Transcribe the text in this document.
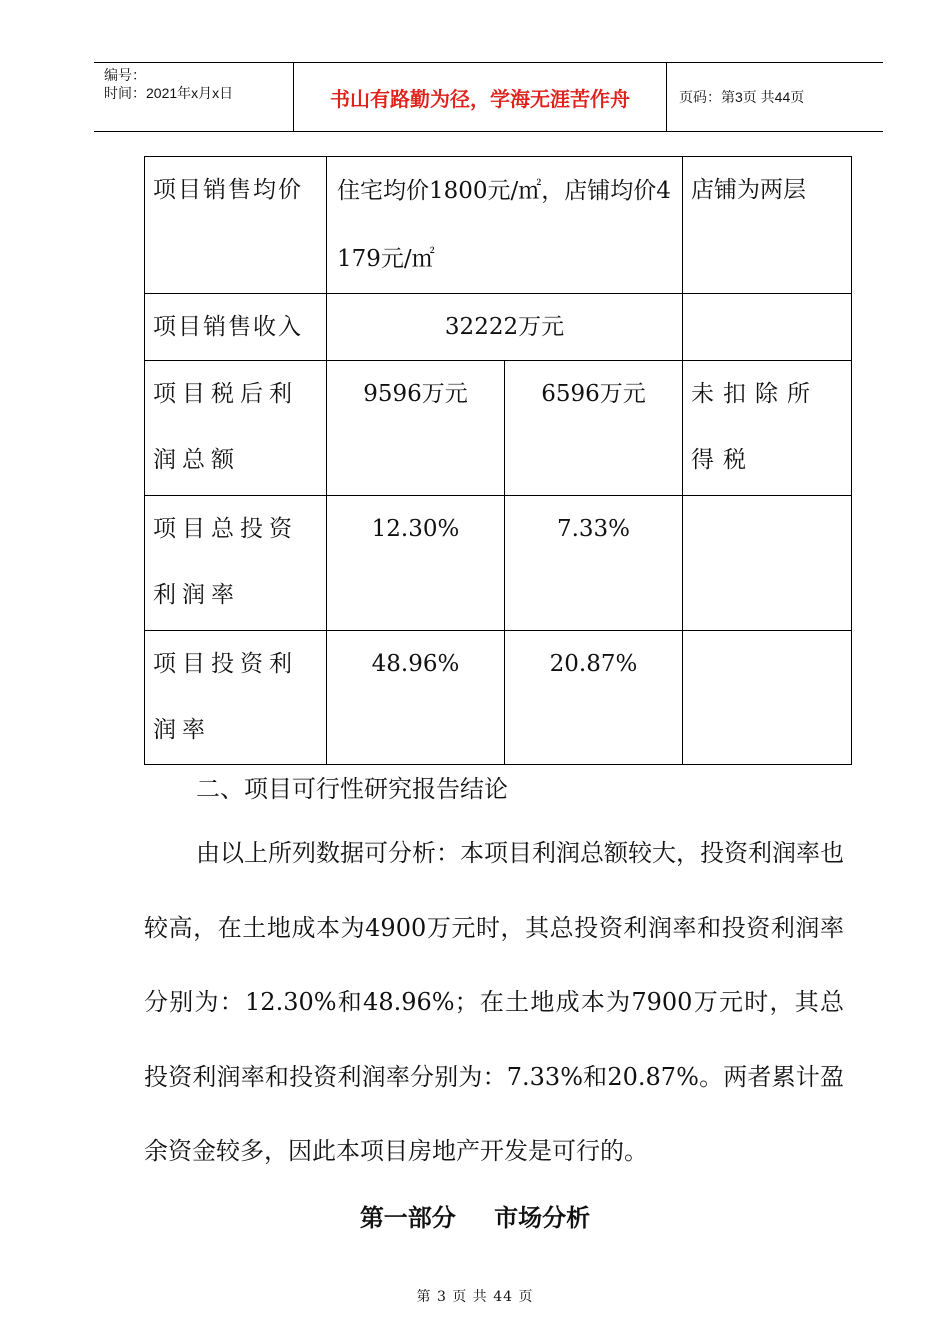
编号：
时间：2021年x月x日	书山有路勤为径，学海无涯苦作舟	页码：第3页 共44页
项目销售均价	住宅均价1800元/㎡，店铺均价4179元/㎡		店铺为两层
项目销售收入	32222万元		
项目税后利润总额	9596万元	6596万元	未扣除所得税
项目总投资利润率	12.30%	7.33%	
项目投资利润率	48.96%	20.87%	
二、项目可行性研究报告结论
由以上所列数据可分析：本项目利润总额较大，投资利润率也较高，在土地成本为4900万元时，其总投资利润率和投资利润率分别为：12.30%和48.96%；在土地成本为7900万元时，其总投资利润率和投资利润率分别为：7.33%和20.87%。两者累计盈余资金较多，因此本项目房地产开发是可行的。
第一部分 市场分析
第 3 页 共 44 页
